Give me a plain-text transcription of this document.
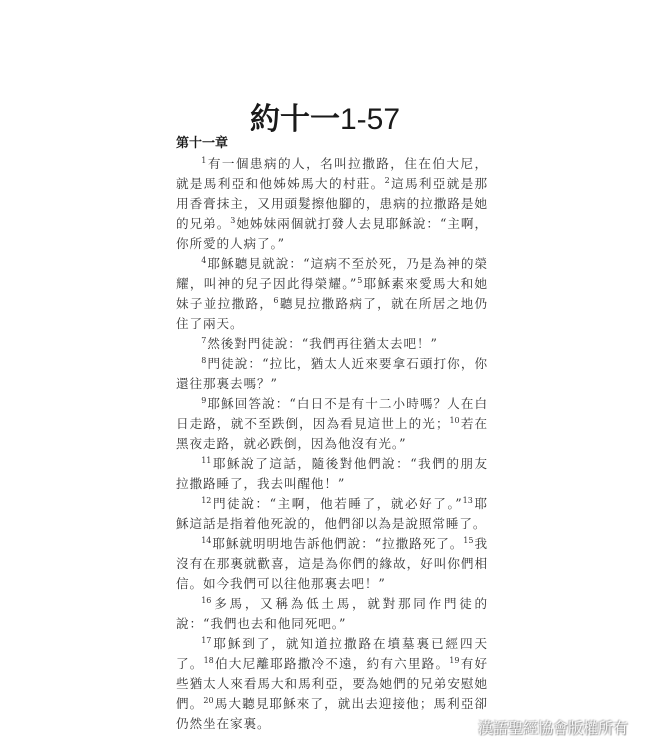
約十一1-57
第十一章

$^1$有一個患病的人，名叫拉撒路，住在伯大尼，就是馬利亞和他姊姊馬大的村莊。$^2$這馬利亞就是那用香膏抹主，又用頭髮擦他腳的，患病的拉撒路是她的兄弟。$^3$她姊妹兩個就打發人去見耶穌說：“主啊，你所愛的人病了。”

$^4$耶穌聽見就說：“這病不至於死，乃是為神的榮耀，叫神的兒子因此得榮耀。”$^5$耶穌素來愛馬大和她妹子並拉撒路，$^6$聽見拉撒路病了，就在所居之地仍住了兩天。

$^7$然後對門徒說：“我們再往猶太去吧！”

$^8$門徒說：“拉比，猶太人近來要拿石頭打你，你還往那裏去嗎？”

$^9$耶穌回答說：“白日不是有十二小時嗎？人在白日走路，就不至跌倒，因為看見這世上的光；$^{10}$若在黑夜走路，就必跌倒，因為他沒有光。”

$^{11}$耶穌說了這話，隨後對他們說：“我們的朋友拉撒路睡了，我去叫醒他！”

$^{12}$門徒說：“主啊，他若睡了，就必好了。”$^{13}$耶穌這話是指着他死說的，他們卻以為是說照常睡了。

$^{14}$耶穌就明明地告訴他們說：“拉撒路死了。$^{15}$我沒有在那裏就歡喜，這是為你們的緣故，好叫你們相信。如今我們可以往他那裏去吧！”

$^{16}$多馬，又稱為低土馬，就對那同作門徒的說：“我們也去和他同死吧。”

$^{17}$耶穌到了，就知道拉撒路在墳墓裏已經四天了。$^{18}$伯大尼離耶路撒冷不遠，約有六里路。$^{19}$有好些猶太人來看馬大和馬利亞，要為她們的兄弟安慰她們。$^{20}$馬大聽見耶穌來了，就出去迎接他；馬利亞卻仍然坐在家裏。	漢語聖經協會版權所有
